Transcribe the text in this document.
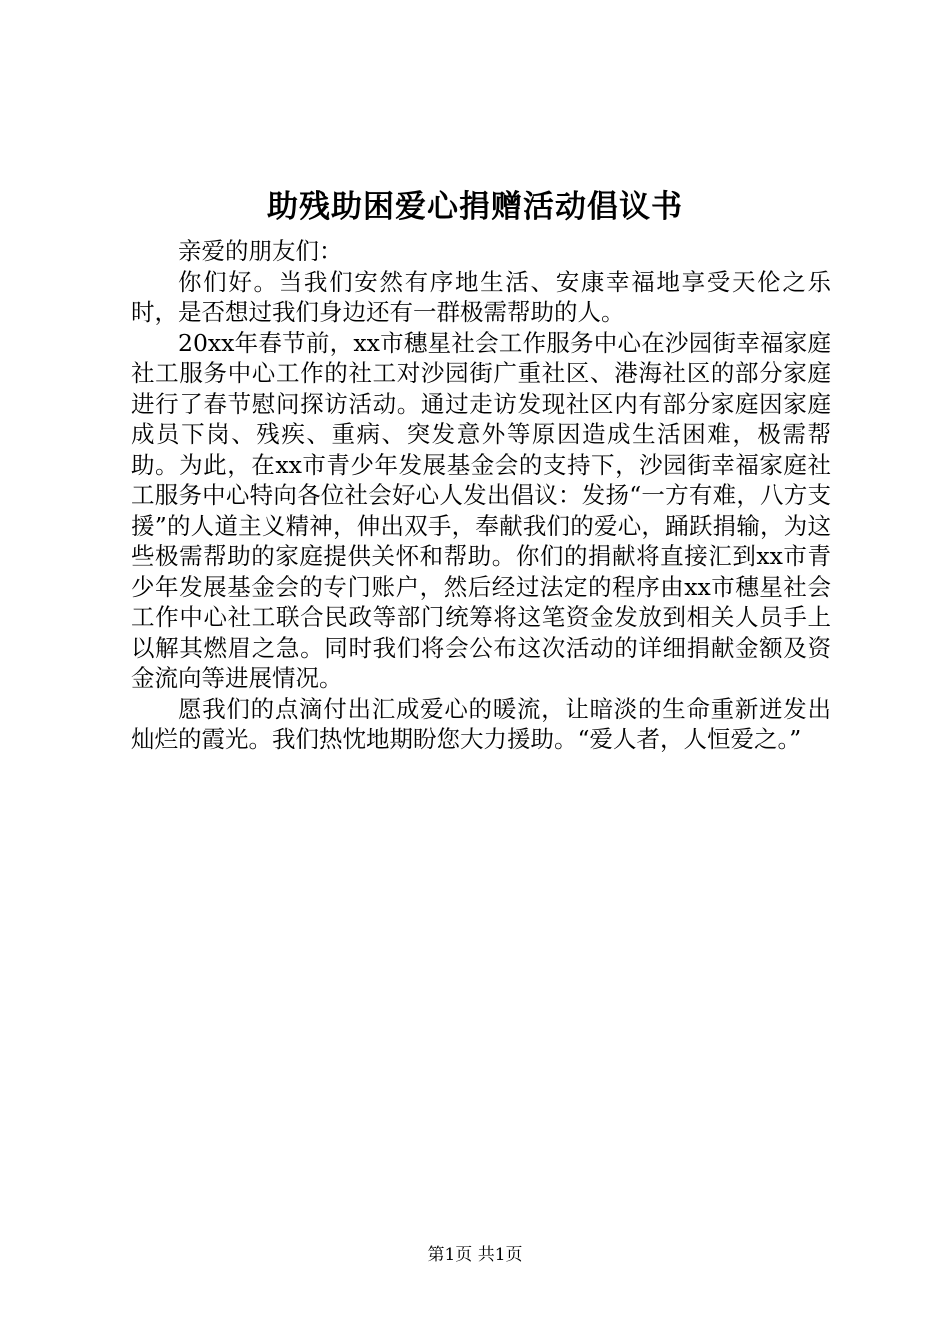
助残助困爱心捐赠活动倡议书

亲爱的朋友们：

你们好。当我们安然有序地生活、安康幸福地享受天伦之乐时，是否想过我们身边还有一群极需帮助的人。

20xx年春节前，xx市穗星社会工作服务中心在沙园街幸福家庭社工服务中心工作的社工对沙园街广重社区、港海社区的部分家庭进行了春节慰问探访活动。通过走访发现社区内有部分家庭因家庭成员下岗、残疾、重病、突发意外等原因造成生活困难，极需帮助。为此，在xx市青少年发展基金会的支持下，沙园街幸福家庭社工服务中心特向各位社会好心人发出倡议：发扬“一方有难，八方支援”的人道主义精神，伸出双手，奉献我们的爱心，踊跃捐输，为这些极需帮助的家庭提供关怀和帮助。你们的捐献将直接汇到xx市青少年发展基金会的专门账户，然后经过法定的程序由xx市穗星社会工作中心社工联合民政等部门统筹将这笔资金发放到相关人员手上以解其燃眉之急。同时我们将会公布这次活动的详细捐献金额及资金流向等进展情况。

愿我们的点滴付出汇成爱心的暖流，让暗淡的生命重新迸发出灿烂的霞光。我们热忱地期盼您大力援助。“爱人者，人恒爱之。”

第1页 共1页
